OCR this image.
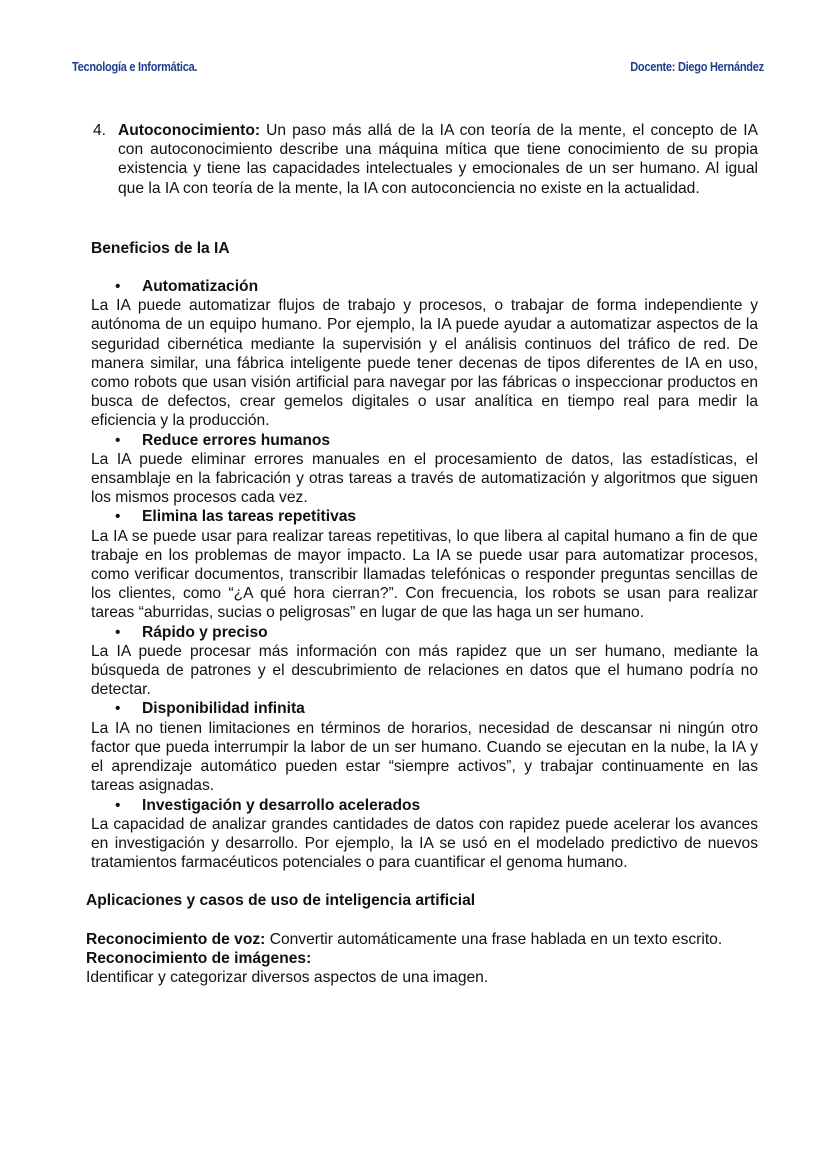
Tecnología e Informática.	Docente: Diego Hernández
4. Autoconocimiento: Un paso más allá de la IA con teoría de la mente, el concepto de IA con autoconocimiento describe una máquina mítica que tiene conocimiento de su propia existencia y tiene las capacidades intelectuales y emocionales de un ser humano. Al igual que la IA con teoría de la mente, la IA con autoconciencia no existe en la actualidad.
Beneficios de la IA
• Automatización

La IA puede automatizar flujos de trabajo y procesos, o trabajar de forma independiente y autónoma de un equipo humano. Por ejemplo, la IA puede ayudar a automatizar aspectos de la seguridad cibernética mediante la supervisión y el análisis continuos del tráfico de red. De manera similar, una fábrica inteligente puede tener decenas de tipos diferentes de IA en uso, como robots que usan visión artificial para navegar por las fábricas o inspeccionar productos en busca de defectos, crear gemelos digitales o usar analítica en tiempo real para medir la eficiencia y la producción.

• Reduce errores humanos

La IA puede eliminar errores manuales en el procesamiento de datos, las estadísticas, el ensamblaje en la fabricación y otras tareas a través de automatización y algoritmos que siguen los mismos procesos cada vez.

• Elimina las tareas repetitivas

La IA se puede usar para realizar tareas repetitivas, lo que libera al capital humano a fin de que trabaje en los problemas de mayor impacto. La IA se puede usar para automatizar procesos, como verificar documentos, transcribir llamadas telefónicas o responder preguntas sencillas de los clientes, como “¿A qué hora cierran?”. Con frecuencia, los robots se usan para realizar tareas “aburridas, sucias o peligrosas” en lugar de que las haga un ser humano.

• Rápido y preciso

La IA puede procesar más información con más rapidez que un ser humano, mediante la búsqueda de patrones y el descubrimiento de relaciones en datos que el humano podría no detectar.

• Disponibilidad infinita

La IA no tienen limitaciones en términos de horarios, necesidad de descansar ni ningún otro factor que pueda interrumpir la labor de un ser humano. Cuando se ejecutan en la nube, la IA y el aprendizaje automático pueden estar “siempre activos”, y trabajar continuamente en las tareas asignadas.

• Investigación y desarrollo acelerados

La capacidad de analizar grandes cantidades de datos con rapidez puede acelerar los avances en investigación y desarrollo. Por ejemplo, la IA se usó en el modelado predictivo de nuevos tratamientos farmacéuticos potenciales o para cuantificar el genoma humano.

Aplicaciones y casos de uso de inteligencia artificial

Reconocimiento de voz: Convertir automáticamente una frase hablada en un texto escrito.

Reconocimiento de imágenes:
Identificar y categorizar diversos aspectos de una imagen.
